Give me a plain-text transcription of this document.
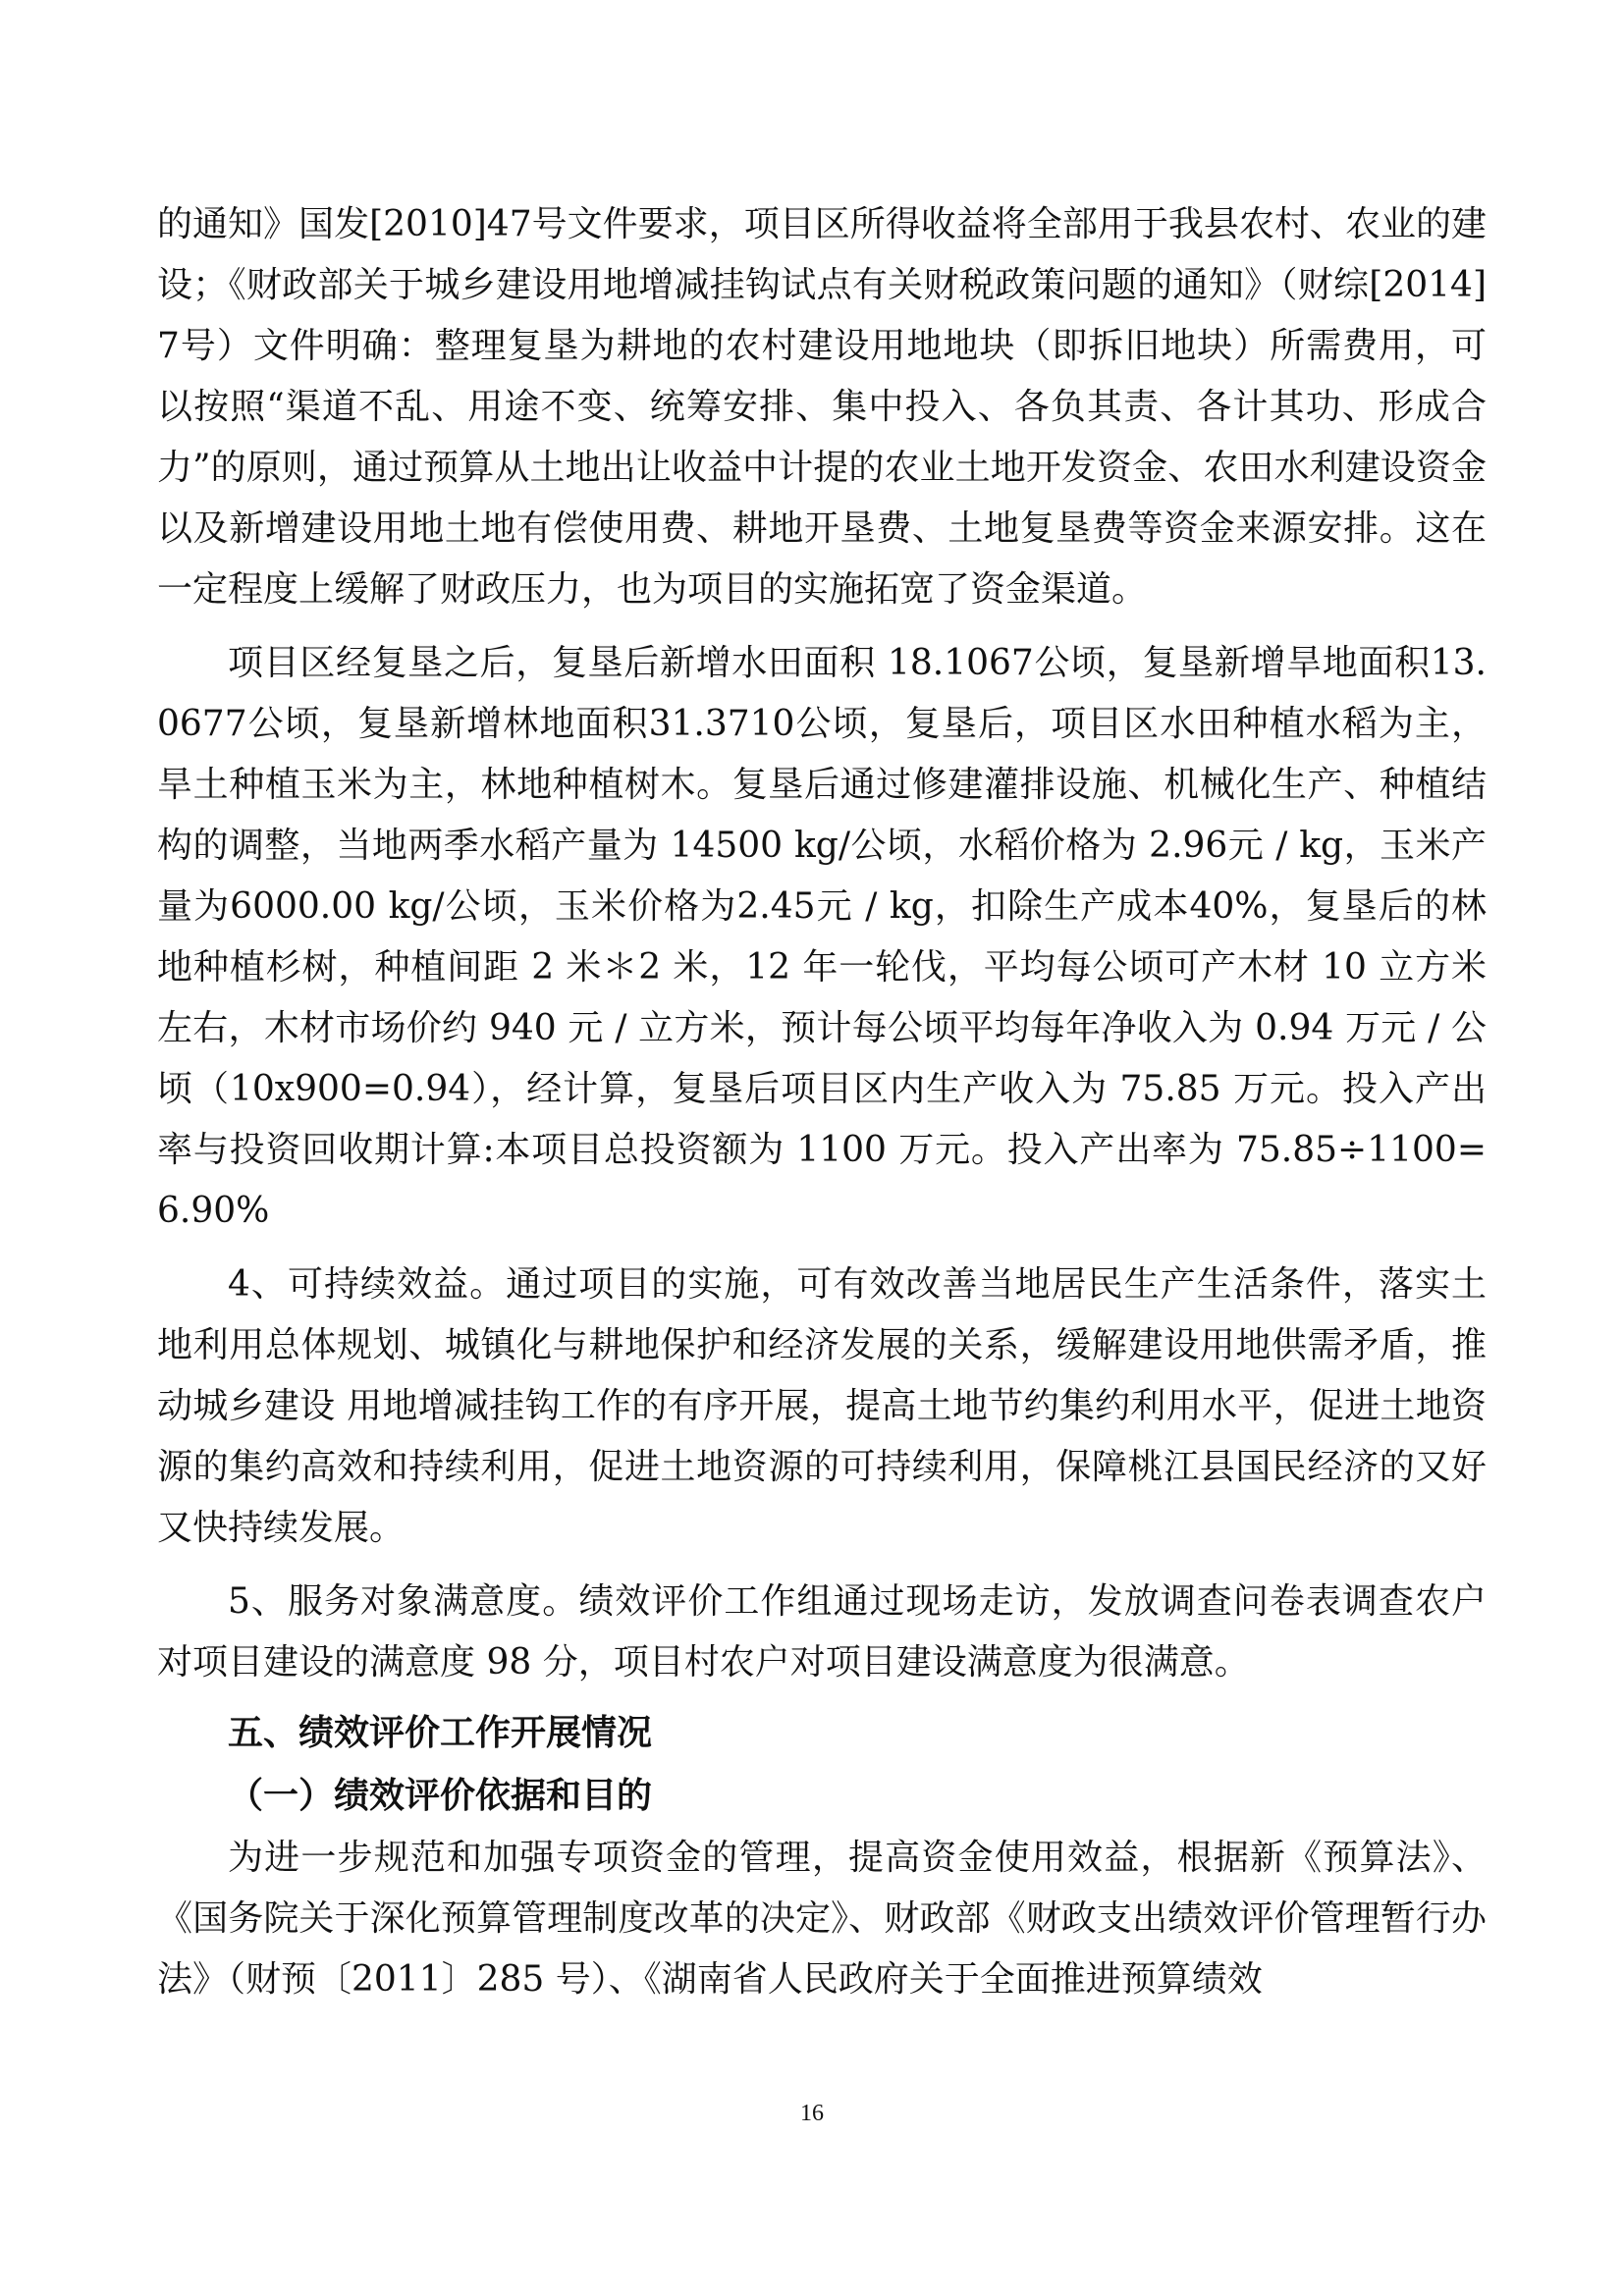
的通知》国发[2010]47号文件要求，项目区所得收益将全部用于我县农村、农业的建设；《财政部关于城乡建设用地增减挂钩试点有关财税政策问题的通知》（财综[2014]7号）文件明确：整理复垦为耕地的农村建设用地地块（即拆旧地块）所需费用，可以按照“渠道不乱、用途不变、统筹安排、集中投入、各负其责、各计其功、形成合力”的原则，通过预算从土地出让收益中计提的农业土地开发资金、农田水利建设资金以及新增建设用地土地有偿使用费、耕地开垦费、土地复垦费等资金来源安排。这在一定程度上缓解了财政压力，也为项目的实施拓宽了资金渠道。

项目区经复垦之后，复垦后新增水田面积 18.1067公顷，复垦新增旱地面积13.0677公顷，复垦新增林地面积31.3710公顷，复垦后，项目区水田种植水稻为主，旱土种植玉米为主，林地种植树木。复垦后通过修建灌排设施、机械化生产、种植结构的调整，当地两季水稻产量为 14500 kg/公顷，水稻价格为 2.96元 / kg，玉米产量为6000.00 kg/公顷，玉米价格为2.45元 / kg，扣除生产成本40%，复垦后的林地种植杉树，种植间距 2 米＊2 米，12 年一轮伐，平均每公顷可产木材 10 立方米左右，木材市场价约 940 元 / 立方米，预计每公顷平均每年净收入为 0.94 万元 / 公顷（10x900=0.94），经计算，复垦后项目区内生产收入为 75.85 万元。投入产出率与投资回收期计算:本项目总投资额为 1100 万元。投入产出率为 75.85÷1100=6.90%

4、可持续效益。通过项目的实施，可有效改善当地居民生产生活条件，落实土地利用总体规划、城镇化与耕地保护和经济发展的关系，缓解建设用地供需矛盾，推动城乡建设 用地增减挂钩工作的有序开展，提高土地节约集约利用水平，促进土地资源的集约高效和持续利用，促进土地资源的可持续利用，保障桃江县国民经济的又好又快持续发展。

5、服务对象满意度。绩效评价工作组通过现场走访，发放调查问卷表调查农户对项目建设的满意度 98 分，项目村农户对项目建设满意度为很满意。

五、绩效评价工作开展情况
（一）绩效评价依据和目的

为进一步规范和加强专项资金的管理，提高资金使用效益，根据新《预算法》、《国务院关于深化预算管理制度改革的决定》、财政部《财政支出绩效评价管理暂行办法》（财预〔2011〕285 号）、《湖南省人民政府关于全面推进预算绩效

16
